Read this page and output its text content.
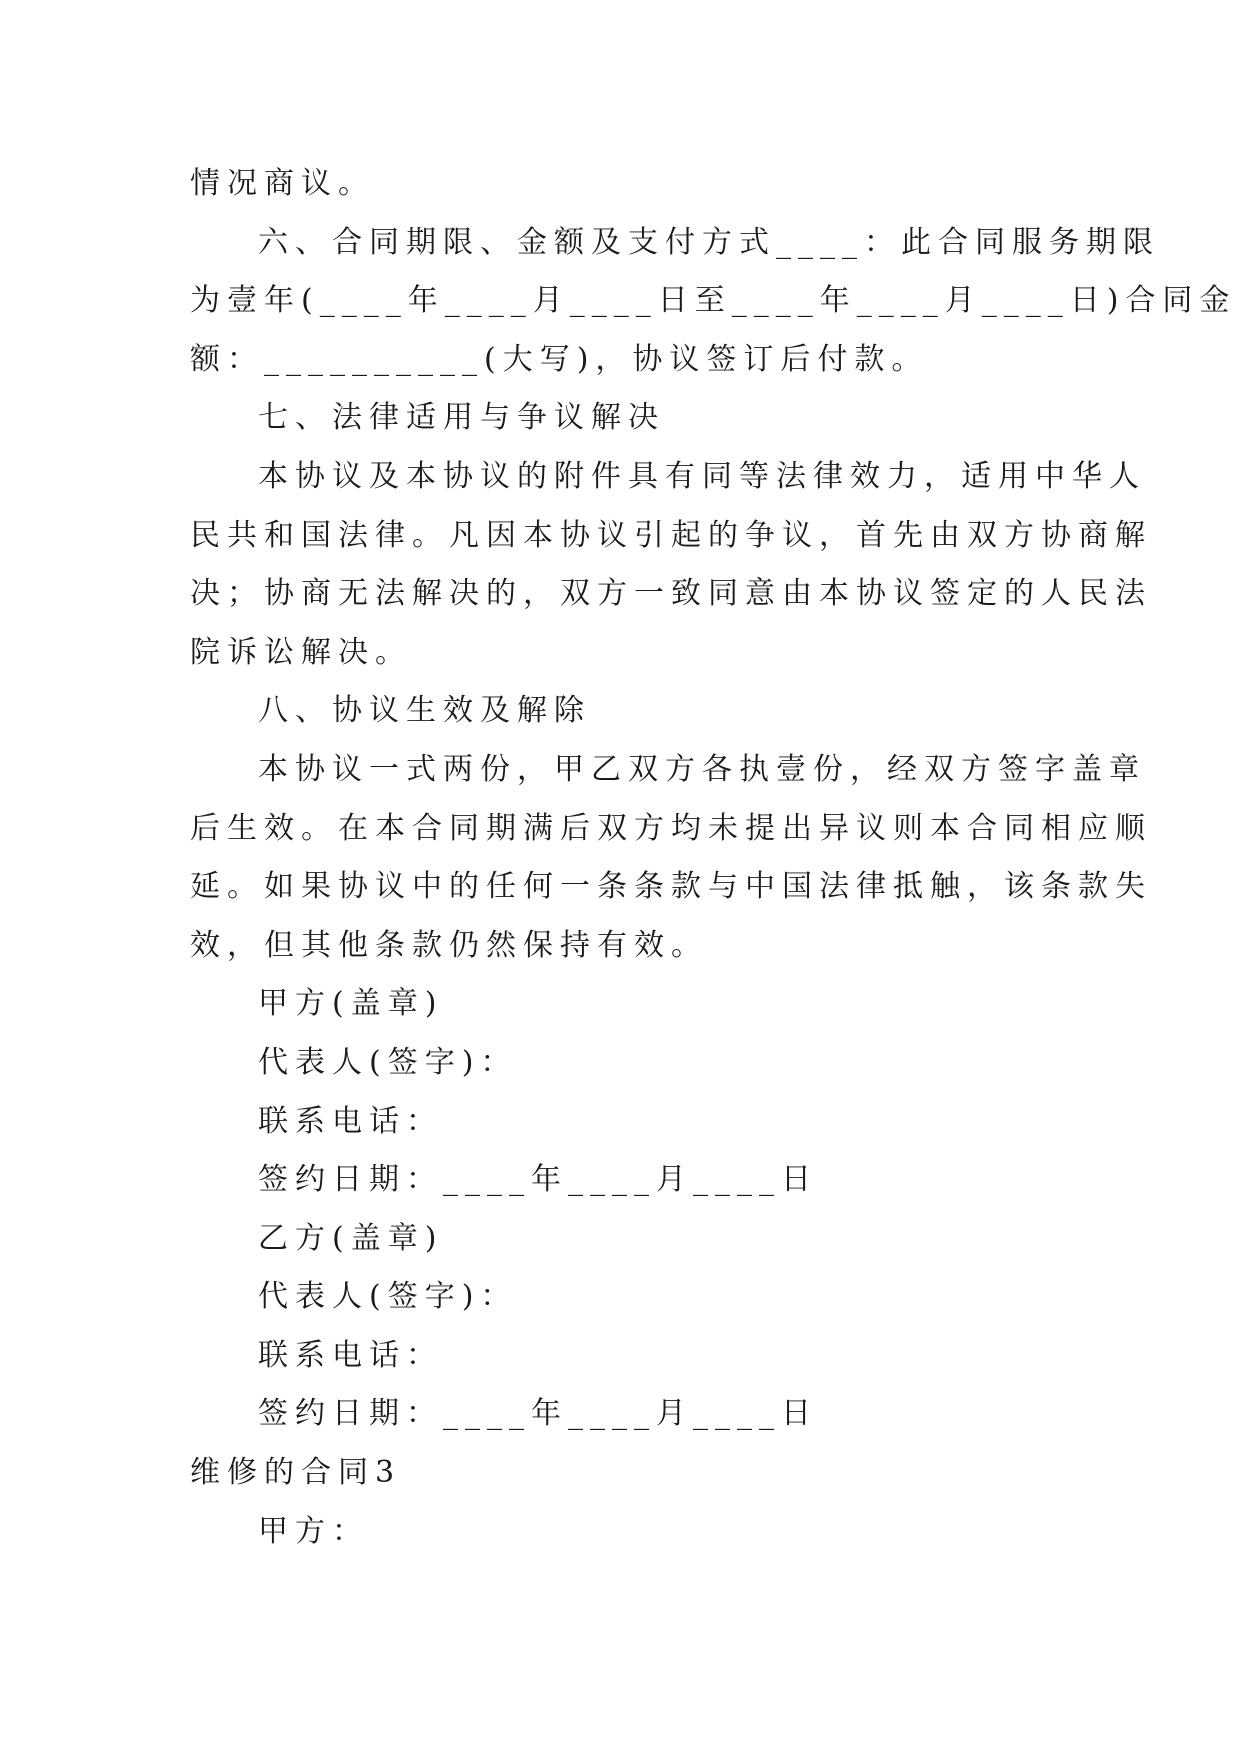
情况商议。
六、合同期限、金额及支付方式____：此合同服务期限
为壹年(____年____月____日至____年____月____日)合同金
额：__________(大写)，协议签订后付款。
七、法律适用与争议解决
本协议及本协议的附件具有同等法律效力，适用中华人
民共和国法律。凡因本协议引起的争议，首先由双方协商解
决；协商无法解决的，双方一致同意由本协议签定的人民法
院诉讼解决。
八、协议生效及解除
本协议一式两份，甲乙双方各执壹份，经双方签字盖章
后生效。在本合同期满后双方均未提出异议则本合同相应顺
延。如果协议中的任何一条条款与中国法律抵触，该条款失
效，但其他条款仍然保持有效。
甲方(盖章)
代表人(签字)：
联系电话：
签约日期：____年____月____日
乙方(盖章)
代表人(签字)：
联系电话：
签约日期：____年____月____日
维修的合同3
甲方：
